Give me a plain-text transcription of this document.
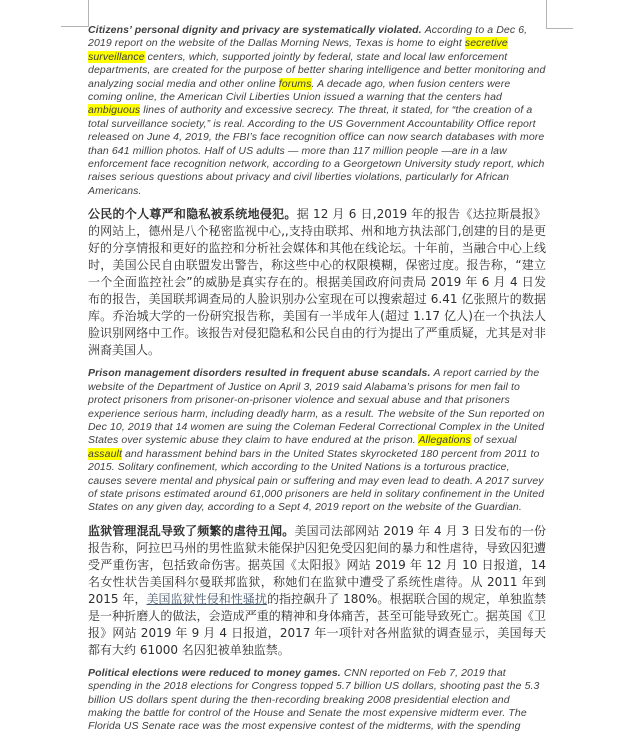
Citizens’ personal dignity and privacy are systematically violated. According to a Dec 6, 2019 report on the website of the Dallas Morning News, Texas is home to eight secretive surveillance centers, which, supported jointly by federal, state and local law enforcement departments, are created for the purpose of better sharing intelligence and better monitoring and analyzing social media and other online forums. A decade ago, when fusion centers were coming online, the American Civil Liberties Union issued a warning that the centers had ambiguous lines of authority and excessive secrecy. The threat, it stated, for “the creation of a total surveillance society,” is real. According to the US Government Accountability Office report released on June 4, 2019, the FBI’s face recognition office can now search databases with more than 641 million photos. Half of US adults — more than 117 million people —are in a law enforcement face recognition network, according to a Georgetown University study report, which raises serious questions about privacy and civil liberties violations, particularly for African Americans.

公民的个人尊严和隐私被系统地侵犯。据 12 月 6 日,2019 年的报告《达拉斯晨报》的网站上，德州是八个秘密监视中心,,支持由联邦、州和地方执法部门,创建的目的是更好的分享情报和更好的监控和分析社会媒体和其他在线论坛。十年前，当融合中心上线时，美国公民自由联盟发出警告，称这些中心的权限模糊，保密过度。报告称，“建立一个全面监控社会”的威胁是真实存在的。根据美国政府问责局 2019 年 6 月 4 日发布的报告，美国联邦调查局的人脸识别办公室现在可以搜索超过 6.41 亿张照片的数据库。乔治城大学的一份研究报告称，美国有一半成年人(超过 1.17 亿人)在一个执法人脸识别网络中工作。该报告对侵犯隐私和公民自由的行为提出了严重质疑，尤其是对非洲裔美国人。

Prison management disorders resulted in frequent abuse scandals. A report carried by the website of the Department of Justice on April 3, 2019 said Alabama’s prisons for men fail to protect prisoners from prisoner-on-prisoner violence and sexual abuse and that prisoners experience serious harm, including deadly harm, as a result. The website of the Sun reported on Dec 10, 2019 that 14 women are suing the Coleman Federal Correctional Complex in the United States over systemic abuse they claim to have endured at the prison. Allegations of sexual assault and harassment behind bars in the United States skyrocketed 180 percent from 2011 to 2015. Solitary confinement, which according to the United Nations is a torturous practice, causes severe mental and physical pain or suffering and may even lead to death. A 2017 survey of state prisons estimated around 61,000 prisoners are held in solitary confinement in the United States on any given day, according to a Sept 4, 2019 report on the website of the Guardian.

监狱管理混乱导致了频繁的虐待丑闻。美国司法部网站 2019 年 4 月 3 日发布的一份报告称，阿拉巴马州的男性监狱未能保护囚犯免受囚犯间的暴力和性虐待，导致囚犯遭受严重伤害，包括致命伤害。据英国《太阳报》网站 2019 年 12 月 10 日报道，14 名女性状告美国科尔曼联邦监狱，称她们在监狱中遭受了系统性虐待。从 2011 年到 2015 年，美国监狱性侵和性骚扰的指控飙升了 180%。根据联合国的规定，单独监禁是一种折磨人的做法，会造成严重的精神和身体痛苦，甚至可能导致死亡。据英国《卫报》网站 2019 年 9 月 4 日报道，2017 年一项针对各州监狱的调查显示，美国每天都有大约 61000 名囚犯被单独监禁。

Political elections were reduced to money games. CNN reported on Feb 7, 2019 that spending in the 2018 elections for Congress topped 5.7 billion US dollars, shooting past the 5.3 billion US dollars spent during the then-recording breaking 2008 presidential election and making the battle for control of the House and Senate the most expensive midterm ever. The Florida US Senate race was the most expensive contest of the midterms, with the spending
